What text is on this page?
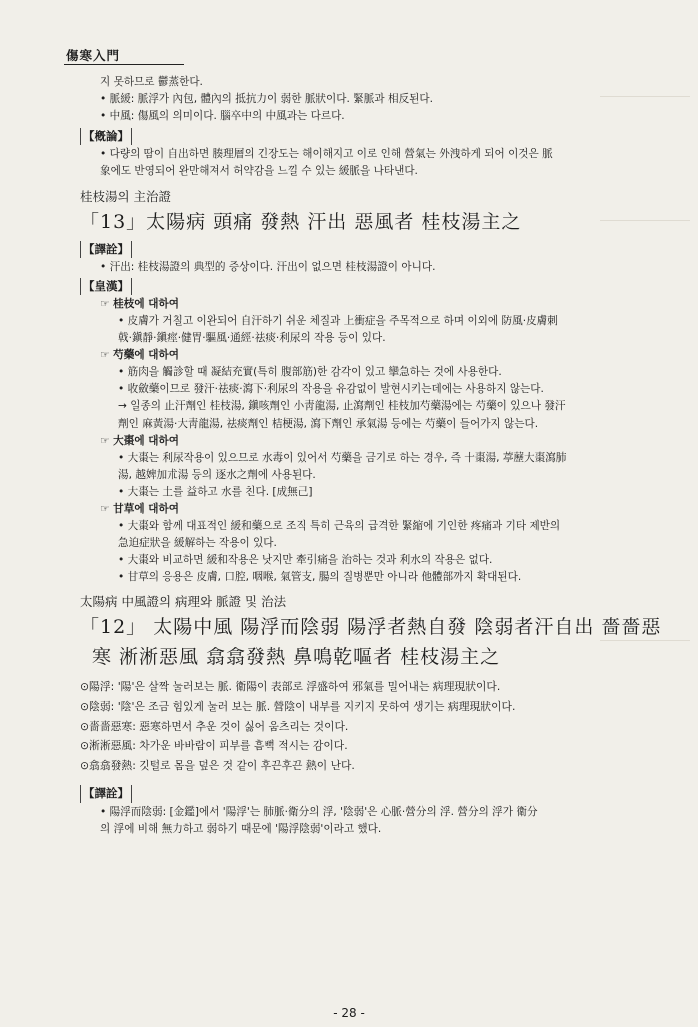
傷寒入門
지 못하므로 鬱蒸한다.
• 脈緩: 脈浮가 內包, 體內의 抵抗力이 弱한 脈狀이다. 緊脈과 相反된다.
• 中風: 傷風의 의미이다. 腦卒中의 中風과는 다르다.
【槪論】
• 다량의 땀이 自出하면 腠理層의 긴장도는 해이해지고 이로 인해 營氣는 外洩하게 되어 이것은 脈
象에도 반영되어 완만해져서 허약감을 느낄 수 있는 緩脈을 나타낸다.
桂枝湯의 主治證
「13」太陽病 頭痛 發熱 汗出 惡風者 桂枝湯主之
【譯詮】
• 汗出: 桂枝湯證의 典型的 증상이다. 汗出이 없으면 桂枝湯證이 아니다.
【皇漢】
☞ 桂枝에 대하여
• 皮膚가 거칠고 이완되어 自汗하기 쉬운 체질과 上衝症을 주목적으로 하며 이외에 防風·皮膚刺
戟·鎭靜·鎭痙·健胃·驅風·通經·祛痰·利尿의 작용 등이 있다.
☞ 芍藥에 대하여
• 筋肉을 觸診할 때 凝結充實(특히 腹部筋)한 감각이 있고 攣急하는 것에 사용한다.
• 收斂藥이므로 發汗·祛痰·瀉下·利尿의 작용을 유감없이 발현시키는데에는 사용하지 않는다.
→ 일종의 止汗劑인 桂枝湯, 鎭咳劑인 小靑龍湯, 止瀉劑인 桂枝加芍藥湯에는 芍藥이 있으나 發汗
劑인 麻黃湯·大靑龍湯, 祛痰劑인 桔梗湯, 瀉下劑인 承氣湯 등에는 芍藥이 들어가지 않는다.
☞ 大棗에 대하여
• 大棗는 利尿작용이 있으므로 水毒이 있어서 芍藥을 금기로 하는 경우, 즉 十棗湯, 葶藶大棗瀉肺
湯, 越婢加朮湯 등의 逐水之劑에 사용된다.
• 大棗는 土를 益하고 水를 친다. [成無己]
☞ 甘草에 대하여
• 大棗와 함께 대표적인 緩和藥으로 조직 특히 근육의 급격한 緊縮에 기인한 疼痛과 기타 제반의
急迫症狀을 緩解하는 작용이 있다.
• 大棗와 비교하면 緩和작용은 낫지만 牽引痛을 治하는 것과 利水의 작용은 없다.
• 甘草의 응용은 皮膚, 口腔, 咽喉, 氣管支, 腸의 질병뿐만 아니라 他體部까지 확대된다.
太陽病 中風證의 病理와 脈證 및 治法
「12」 太陽中風 陽浮而陰弱 陽浮者熱自發 陰弱者汗自出 嗇嗇惡
寒 淅淅惡風 翕翕發熱 鼻鳴乾嘔者 桂枝湯主之
⊙陽浮: '陽'은 살짝 눌러보는 脈. 衛陽이 表部로 浮盛하여 邪氣를 밀어내는 病理現狀이다.
⊙陰弱: '陰'은 조금 힘있게 눌러 보는 脈. 營陰이 내부를 지키지 못하여 생기는 病理現狀이다.
⊙嗇嗇惡寒: 惡寒하면서 추운 것이 싫어 움츠리는 것이다.
⊙淅淅惡風: 차가운 바바람이 피부를 흠뻑 적시는 감이다.
⊙翕翕發熱: 깃털로 몸을 덮은 것 같이 후끈후끈 熱이 난다.
【譯詮】
• 陽浮而陰弱: [金鑑]에서 '陽浮'는 肺脈·衛分의 浮, '陰弱'은 心脈·營分의 浮. 營分의 浮가 衛分
의 浮에 비해 無力하고 弱하기 때문에 '陽浮陰弱'이라고 했다.
- 28 -
